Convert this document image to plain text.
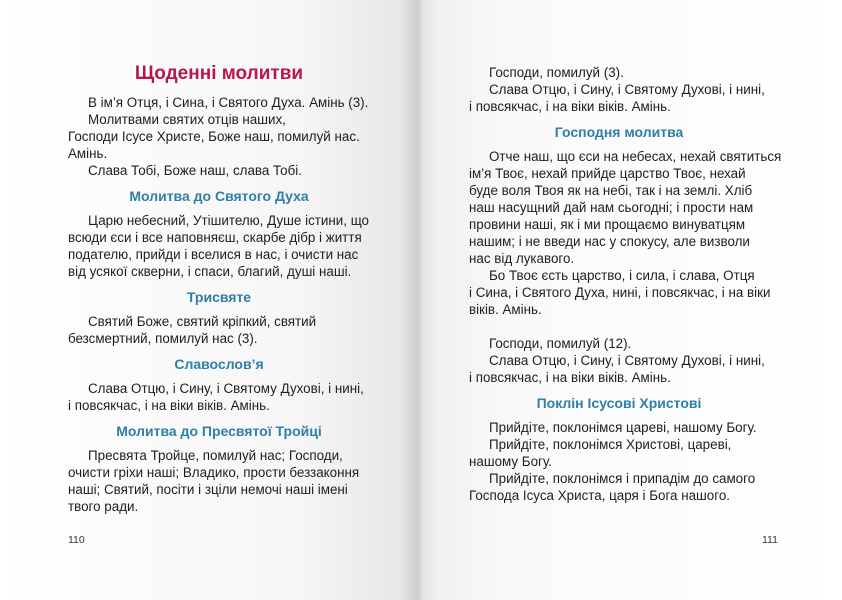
Щоденні молитви
В ім’я Отця, і Сина, і Святого Духа. Амінь (3).
Молитвами святих отців наших,
Господи Ісусе Христе, Боже наш, помилуй нас.
Амінь.
Слава Тобі, Боже наш, слава Тобі.
Молитва до Святого Духа
Царю небесний, Утішителю, Душе істини, що
всюди єси і все наповняєш, скарбе дібр і життя
подателю, прийди і вселися в нас, і очисти нас
від усякої скверни, і спаси, благий, душі наші.
Трисвяте
Святий Боже, святий кріпкий, святий
безсмертний, помилуй нас (3).
Славослов’я
Слава Отцю, і Сину, і Святому Духові, і нині,
і повсякчас, і на віки віків. Амінь.
Молитва до Пресвятої Тройці
Пресвята Тройце, помилуй нас; Господи,
очисти гріхи наші; Владико, прости беззаконня
наші; Святий, посіти і зціли немочі наші імені
твого ради.
110
Господи, помилуй (3).
Слава Отцю, і Сину, і Святому Духові, і нині,
і повсякчас, і на віки віків. Амінь.
Господня молитва
Отче наш, що єси на небесах, нехай святиться
ім’я Твоє, нехай прийде царство Твоє, нехай
буде воля Твоя як на небі, так і на землі. Хліб
наш насущний дай нам сьогодні; і прости нам
провини наші, як і ми прощаємо винуватцям
нашим; і не введи нас у спокусу, але визволи
нас від лукавого.
Бо Твоє єсть царство, і сила, і слава, Отця
і Сина, і Святого Духа, нині, і повсякчас, і на віки
віків. Амінь.
Господи, помилуй (12).
Слава Отцю, і Сину, і Святому Духові, і нині,
і повсякчас, і на віки віків. Амінь.
Поклін Ісусові Христові
Прийдіте, поклонімся цареві, нашому Богу.
Прийдіте, поклонімся Христові, цареві,
нашому Богу.
Прийдіте, поклонімся і припадім до самого
Господа Ісуса Христа, царя і Бога нашого.
111
